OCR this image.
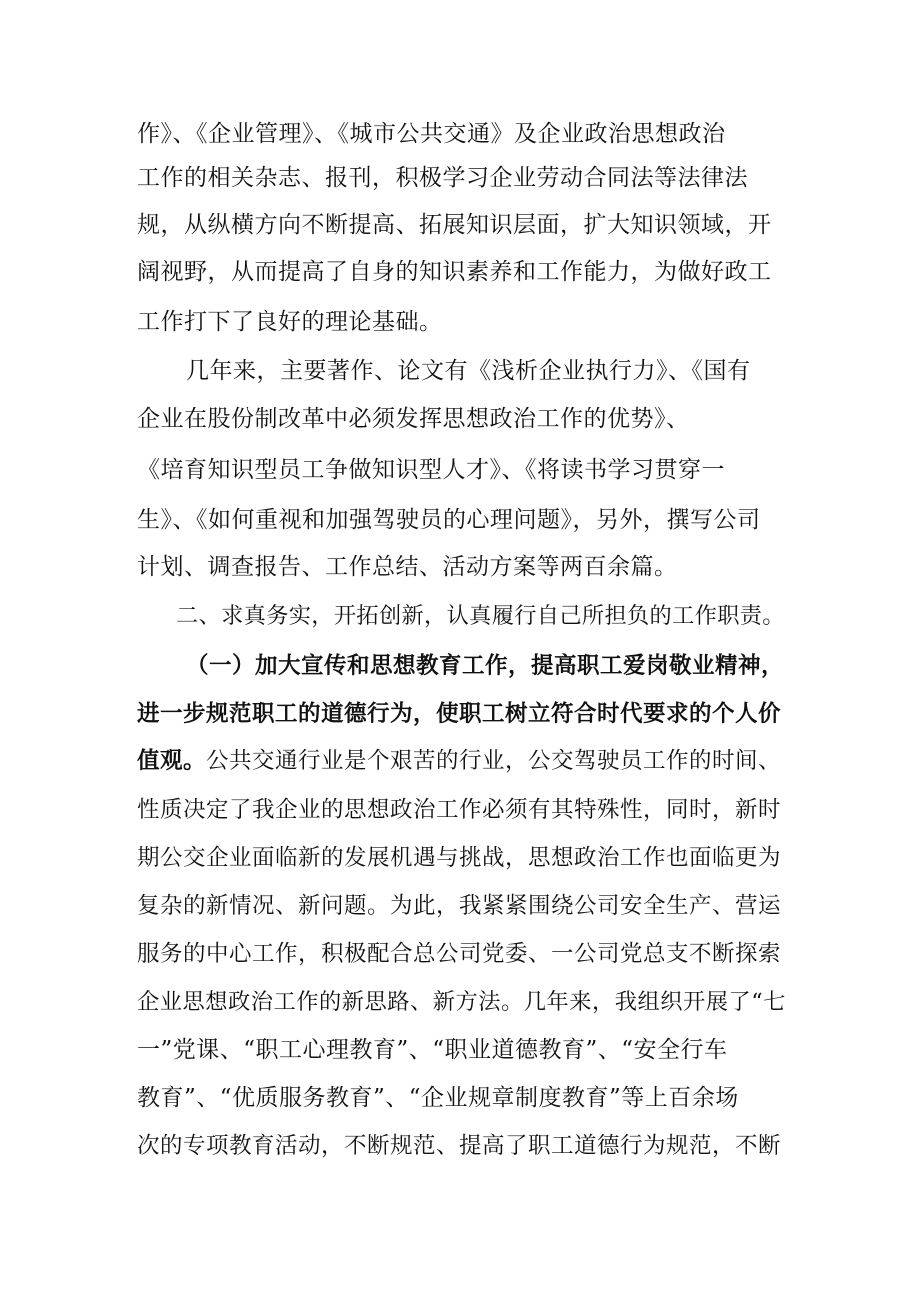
作》、《企业管理》、《城市公共交通》及企业政治思想政治
工作的相关杂志、报刊，积极学习企业劳动合同法等法律法
规，从纵横方向不断提高、拓展知识层面，扩大知识领域，开
阔视野，从而提高了自身的知识素养和工作能力，为做好政工
工作打下了良好的理论基础。
几年来，主要著作、论文有《浅析企业执行力》、《国有
企业在股份制改革中必须发挥思想政治工作的优势》、
《培育知识型员工争做知识型人才》、《将读书学习贯穿一
生》、《如何重视和加强驾驶员的心理问题》，另外，撰写公司
计划、调查报告、工作总结、活动方案等两百余篇。
二、求真务实，开拓创新，认真履行自己所担负的工作职责。
（一）加大宣传和思想教育工作，提高职工爱岗敬业精神，
进一步规范职工的道德行为，使职工树立符合时代要求的个人价
值观。公共交通行业是个艰苦的行业，公交驾驶员工作的时间、
性质决定了我企业的思想政治工作必须有其特殊性，同时，新时
期公交企业面临新的发展机遇与挑战，思想政治工作也面临更为
复杂的新情况、新问题。为此，我紧紧围绕公司安全生产、营运
服务的中心工作，积极配合总公司党委、一公司党总支不断探索
企业思想政治工作的新思路、新方法。几年来，我组织开展了“七
一”党课、“职工心理教育”、“职业道德教育”、“安全行车
教育”、“优质服务教育”、“企业规章制度教育”等上百余场
次的专项教育活动，不断规范、提高了职工道德行为规范，不断
